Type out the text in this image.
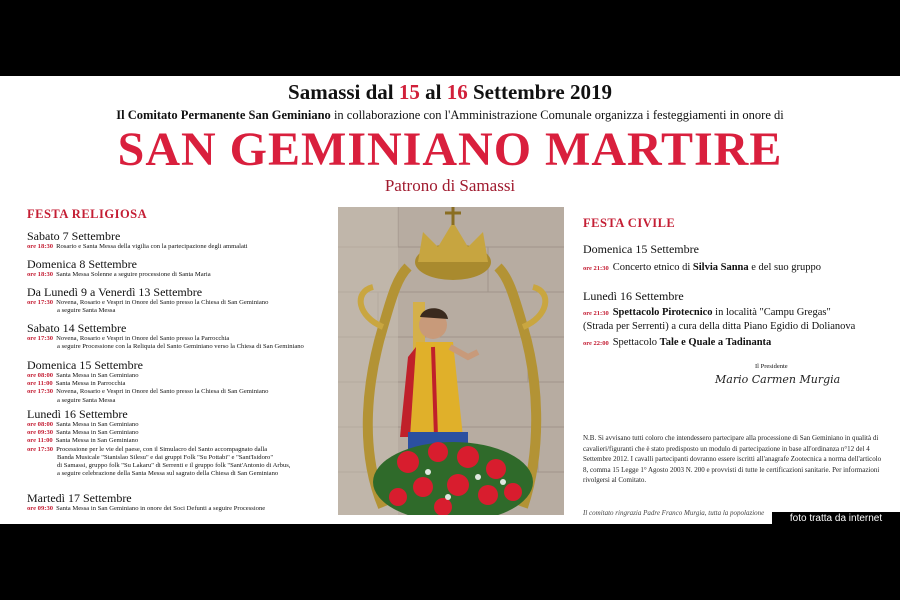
Samassi dal 15 al 16 Settembre 2019
Il Comitato Permanente San Geminiano in collaborazione con l'Amministrazione Comunale organizza i festeggiamenti in onore di
SAN GEMINIANO MARTIRE
Patrono di Samassi
FESTA RELIGIOSA
Sabato 7 Settembre
ore 18:30 Rosario e Santa Messa della vigilia con la partecipazione degli ammalati
Domenica 8 Settembre
ore 18:30 Santa Messa Solenne a seguire processione di Santa Maria
Da Lunedì 9 a Venerdì 13 Settembre
ore 17:30 Novena, Rosario e Vespri in Onore del Santo presso la Chiesa di San Geminiano
a seguire Santa Messa
Sabato 14 Settembre
ore 17:30 Novena, Rosario e Vespri in Onore del Santo presso la Parrocchia
a seguire Processione con la Reliquia del Santo Geminiano verso la Chiesa di San Geminiano
Domenica 15 Settembre
ore 08:00 Santa Messa in San Geminiano
ore 11:00 Santa Messa in Parrocchia
ore 17:30 Novena, Rosario e Vespri in Onore del Santo presso la Chiesa di San Geminiano
a seguire Santa Messa
Lunedì 16 Settembre
ore 08:00 Santa Messa in San Geminiano
ore 09:30 Santa Messa in San Geminiano
ore 11:00 Santa Messa in San Geminiano
ore 17:30 Processione per le vie del paese, con il Simulacro del Santo accompagnato dalla
Banda Musicale "Stanislao Silesu" e dai gruppi Folk "Su Pottabi" e "Sant'Isidoro"
di Samassi, gruppo folk "Su Lakaru" di Serrenti e il gruppo folk "Sant'Antonio di Arbus,
a seguire celebrazione della Santa Messa sul sagrato della Chiesa di San Geminiano
Martedì 17 Settembre
ore 09:30 Santa Messa in San Geminiano in onore dei Soci Defunti a seguire Processione
FESTA CIVILE
Domenica 15 Settembre
ore 21:30 Concerto etnico di Silvia Sanna e del suo gruppo
Lunedì 16 Settembre
ore 21:30 Spettacolo Pirotecnico in località "Campu Gregas"
(Strada per Serrenti) a cura della ditta Piano Egidio di Dolianova
ore 22:00 Spettacolo Tale e Quale a Tadinanta
Il Presidente
Mario Carmen Murgia
N.B. Si avvisano tutti coloro che intendessero partecipare alla processione di San Geminiano in qualità di cavalieri/figuranti che è stato predisposto un modulo di partecipazione in base all'ordinanza n°12 del 4 Settembre 2012. I cavalli partecipanti dovranno essere iscritti all'anagrafe Zootecnica a norma dell'articolo 8, comma 15 Legge 1° Agosto 2003 N. 200 e provvisti di tutte le certificazioni sanitarie. Per informazioni rivolgersi al Comitato.
Il comitato ringrazia Padre Franco Murgia, tutta la popolazione	foto tratta da internet
